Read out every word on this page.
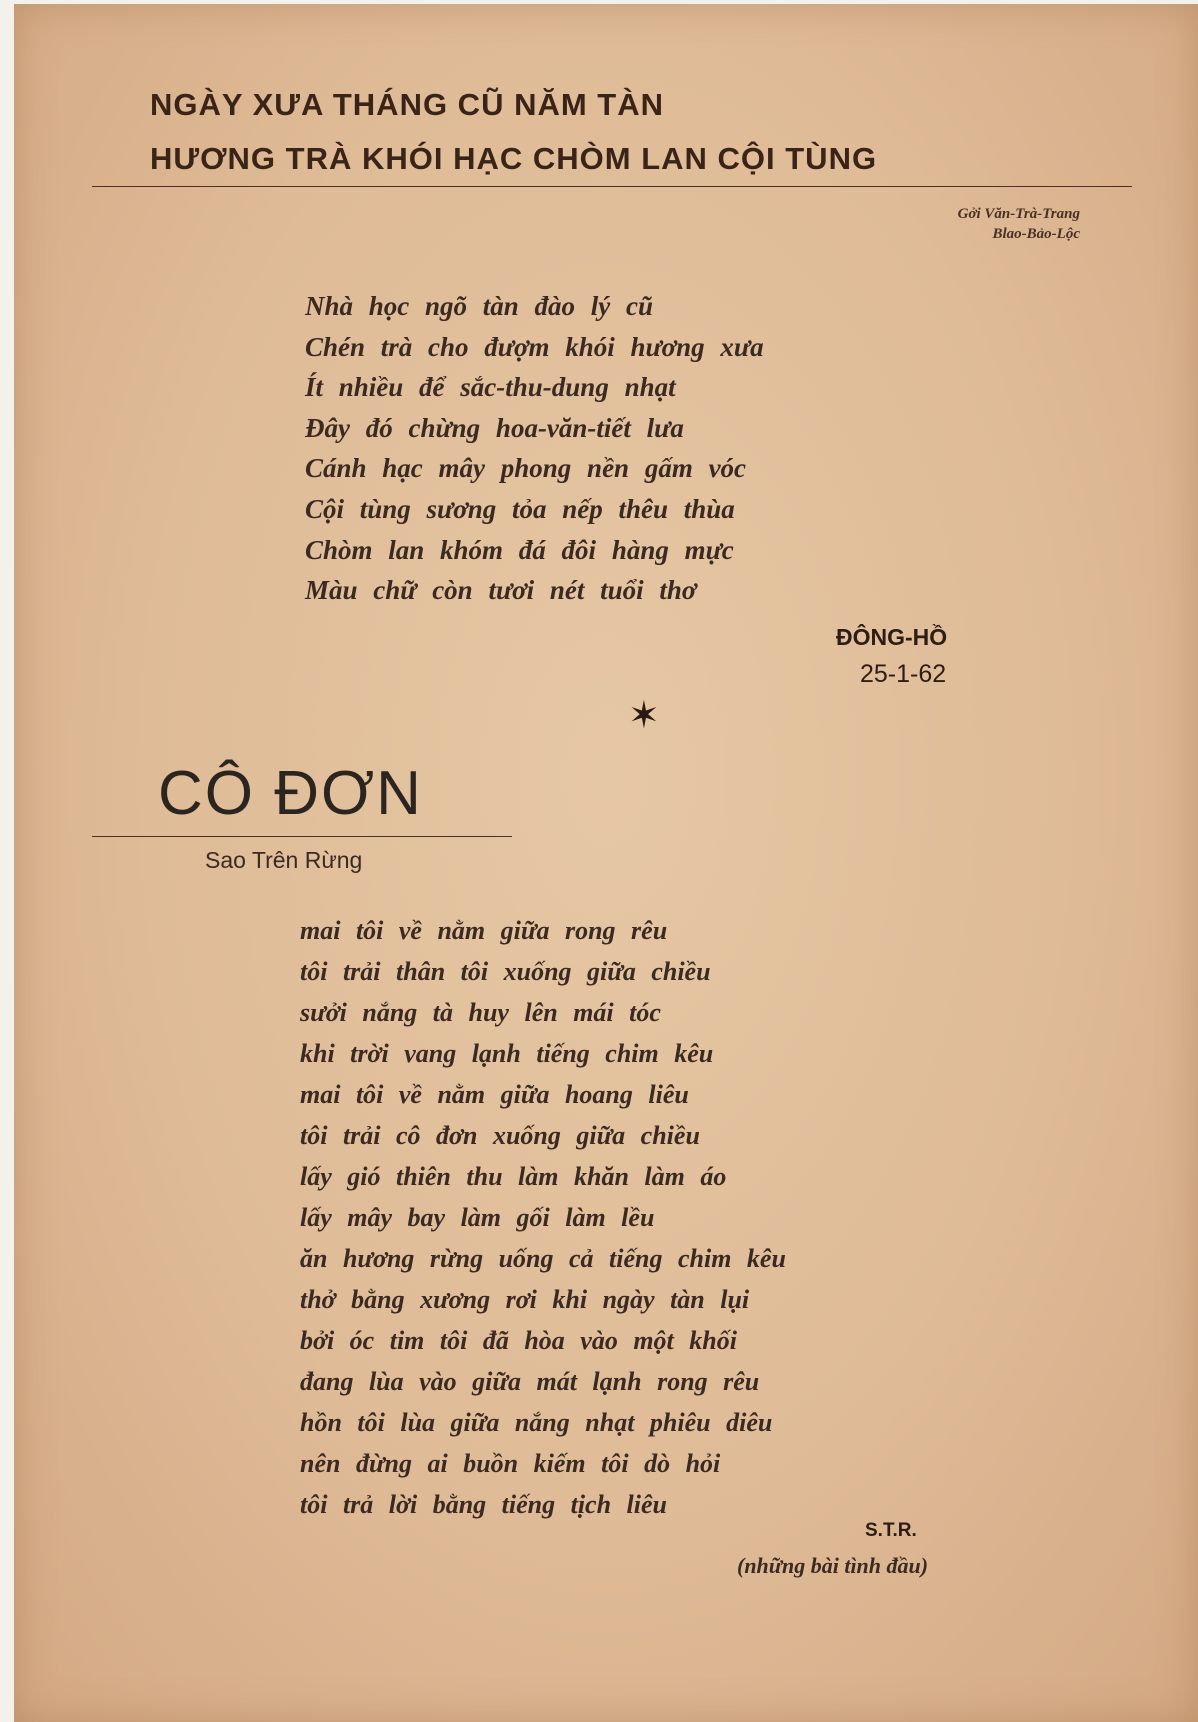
NGÀY XƯA THÁNG CŨ NĂM TÀN
HƯƠNG TRÀ KHÓI HẠC CHÒM LAN CỘI TÙNG
Gởi Văn-Trà-Trang
Blao-Bảo-Lộc
Nhà học ngõ tàn đào lý cũ
Chén trà cho đượm khói hương xưa
Ít nhiều để sắc-thu-dung nhạt
Đây đó chừng hoa-văn-tiết lưa
Cánh hạc mây phong nền gấm vóc
Cội tùng sương tỏa nếp thêu thùa
Chòm lan khóm đá đôi hàng mực
Màu chữ còn tươi nét tuổi thơ
ĐÔNG-HỒ
25-1-62
✶
CÔ ĐƠN
Sao Trên Rừng
mai tôi về nằm giữa rong rêu
tôi trải thân tôi xuống giữa chiều
sưởi nắng tà huy lên mái tóc
khi trời vang lạnh tiếng chim kêu
mai tôi về nằm giữa hoang liêu
tôi trải cô đơn xuống giữa chiều
lấy gió thiên thu làm khăn làm áo
lấy mây bay làm gối làm lều
ăn hương rừng uống cả tiếng chim kêu
thở bằng xương rơi khi ngày tàn lụi
bởi óc tim tôi đã hòa vào một khối
đang lùa vào giữa mát lạnh rong rêu
hồn tôi lùa giữa nắng nhạt phiêu diêu
nên đừng ai buồn kiếm tôi dò hỏi
tôi trả lời bằng tiếng tịch liêu
S.T.R.
(những bài tình đầu)
